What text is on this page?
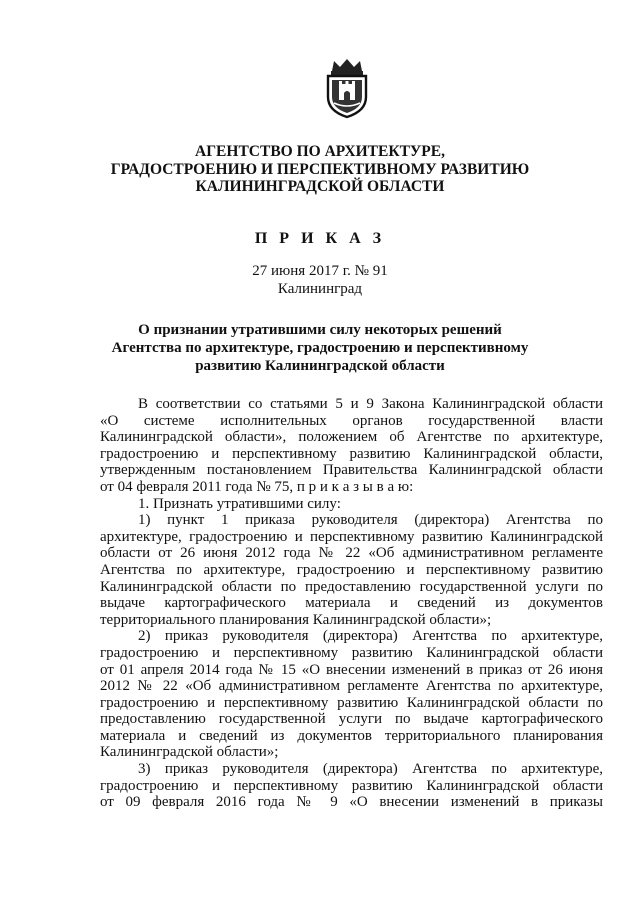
АГЕНТСТВО ПО АРХИТЕКТУРЕ,
ГРАДОСТРОЕНИЮ И ПЕРСПЕКТИВНОМУ РАЗВИТИЮ
КАЛИНИНГРАДСКОЙ ОБЛАСТИ
П Р И К А З
27 июня 2017 г. № 91
Калининград
О признании утратившими силу некоторых решений
Агентства по архитектуре, градостроению и перспективному
развитию Калининградской области

В соответствии со статьями 5 и 9 Закона Калининградской области

«О системе исполнительных органов государственной власти

Калининградской области», положением об Агентстве по архитектуре,

градостроению и перспективному развитию Калининградской области,

утвержденным постановлением Правительства Калининградской области

от 04 февраля 2011 года № 75, п р и к а з ы в а ю:

1. Признать утратившими силу:

1) пункт 1 приказа руководителя (директора) Агентства по

архитектуре, градостроению и перспективному развитию Калининградской

области от 26 июня 2012 года № 22 «Об административном регламенте

Агентства по архитектуре, градостроению и перспективному развитию

Калининградской области по предоставлению государственной услуги по

выдаче картографического материала и сведений из документов

территориального планирования Калининградской области»;

2) приказ руководителя (директора) Агентства по архитектуре,

градостроению и перспективному развитию Калининградской области

от 01 апреля 2014 года № 15 «О внесении изменений в приказ от 26 июня

2012 № 22 «Об административном регламенте Агентства по архитектуре,

градостроению и перспективному развитию Калининградской области по

предоставлению государственной услуги по выдаче картографического

материала и сведений из документов территориального планирования

Калининградской области»;

3) приказ руководителя (директора) Агентства по архитектуре,

градостроению и перспективному развитию Калининградской области

от 09 февраля 2016 года № 9 «О внесении изменений в приказы
